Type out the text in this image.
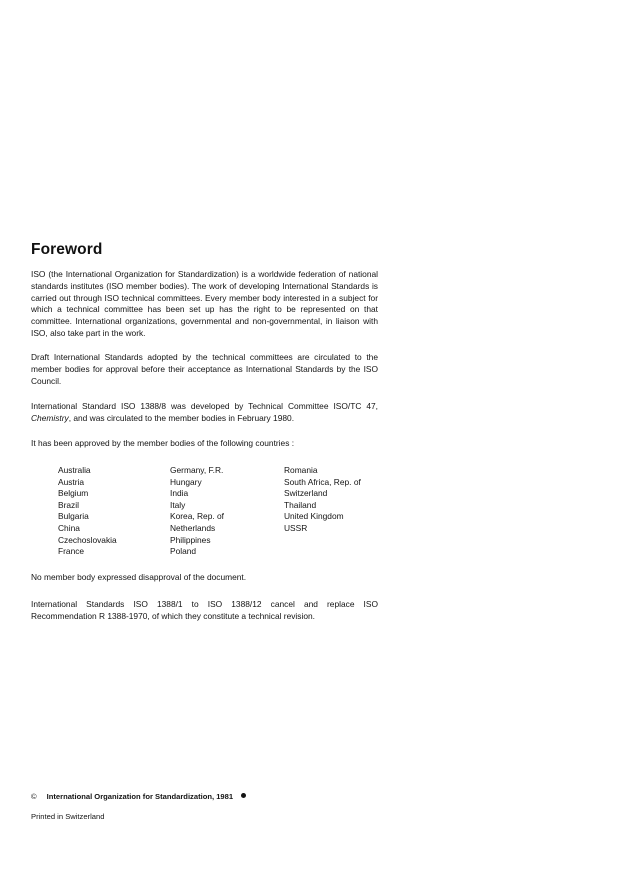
Foreword

ISO (the International Organization for Standardization) is a worldwide federation of national standards institutes (ISO member bodies). The work of developing International Standards is carried out through ISO technical committees. Every member body interested in a subject for which a technical committee has been set up has the right to be represented on that committee. International organizations, governmental and non-governmental, in liaison with ISO, also take part in the work.

Draft International Standards adopted by the technical committees are circulated to the member bodies for approval before their acceptance as International Standards by the ISO Council.

International Standard ISO 1388/8 was developed by Technical Committee ISO/TC 47, Chemistry, and was circulated to the member bodies in February 1980.

It has been approved by the member bodies of the following countries :

Australia
Austria
Belgium
Brazil
Bulgaria
China
Czechoslovakia
France
Germany, F.R.
Hungary
India
Italy
Korea, Rep. of
Netherlands
Philippines
Poland
Romania
South Africa, Rep. of
Switzerland
Thailand
United Kingdom
USSR

No member body expressed disapproval of the document.

International Standards ISO 1388/1 to ISO 1388/12 cancel and replace ISO Recommendation R 1388-1970, of which they constitute a technical revision.

© International Organization for Standardization, 1981
Printed in Switzerland
